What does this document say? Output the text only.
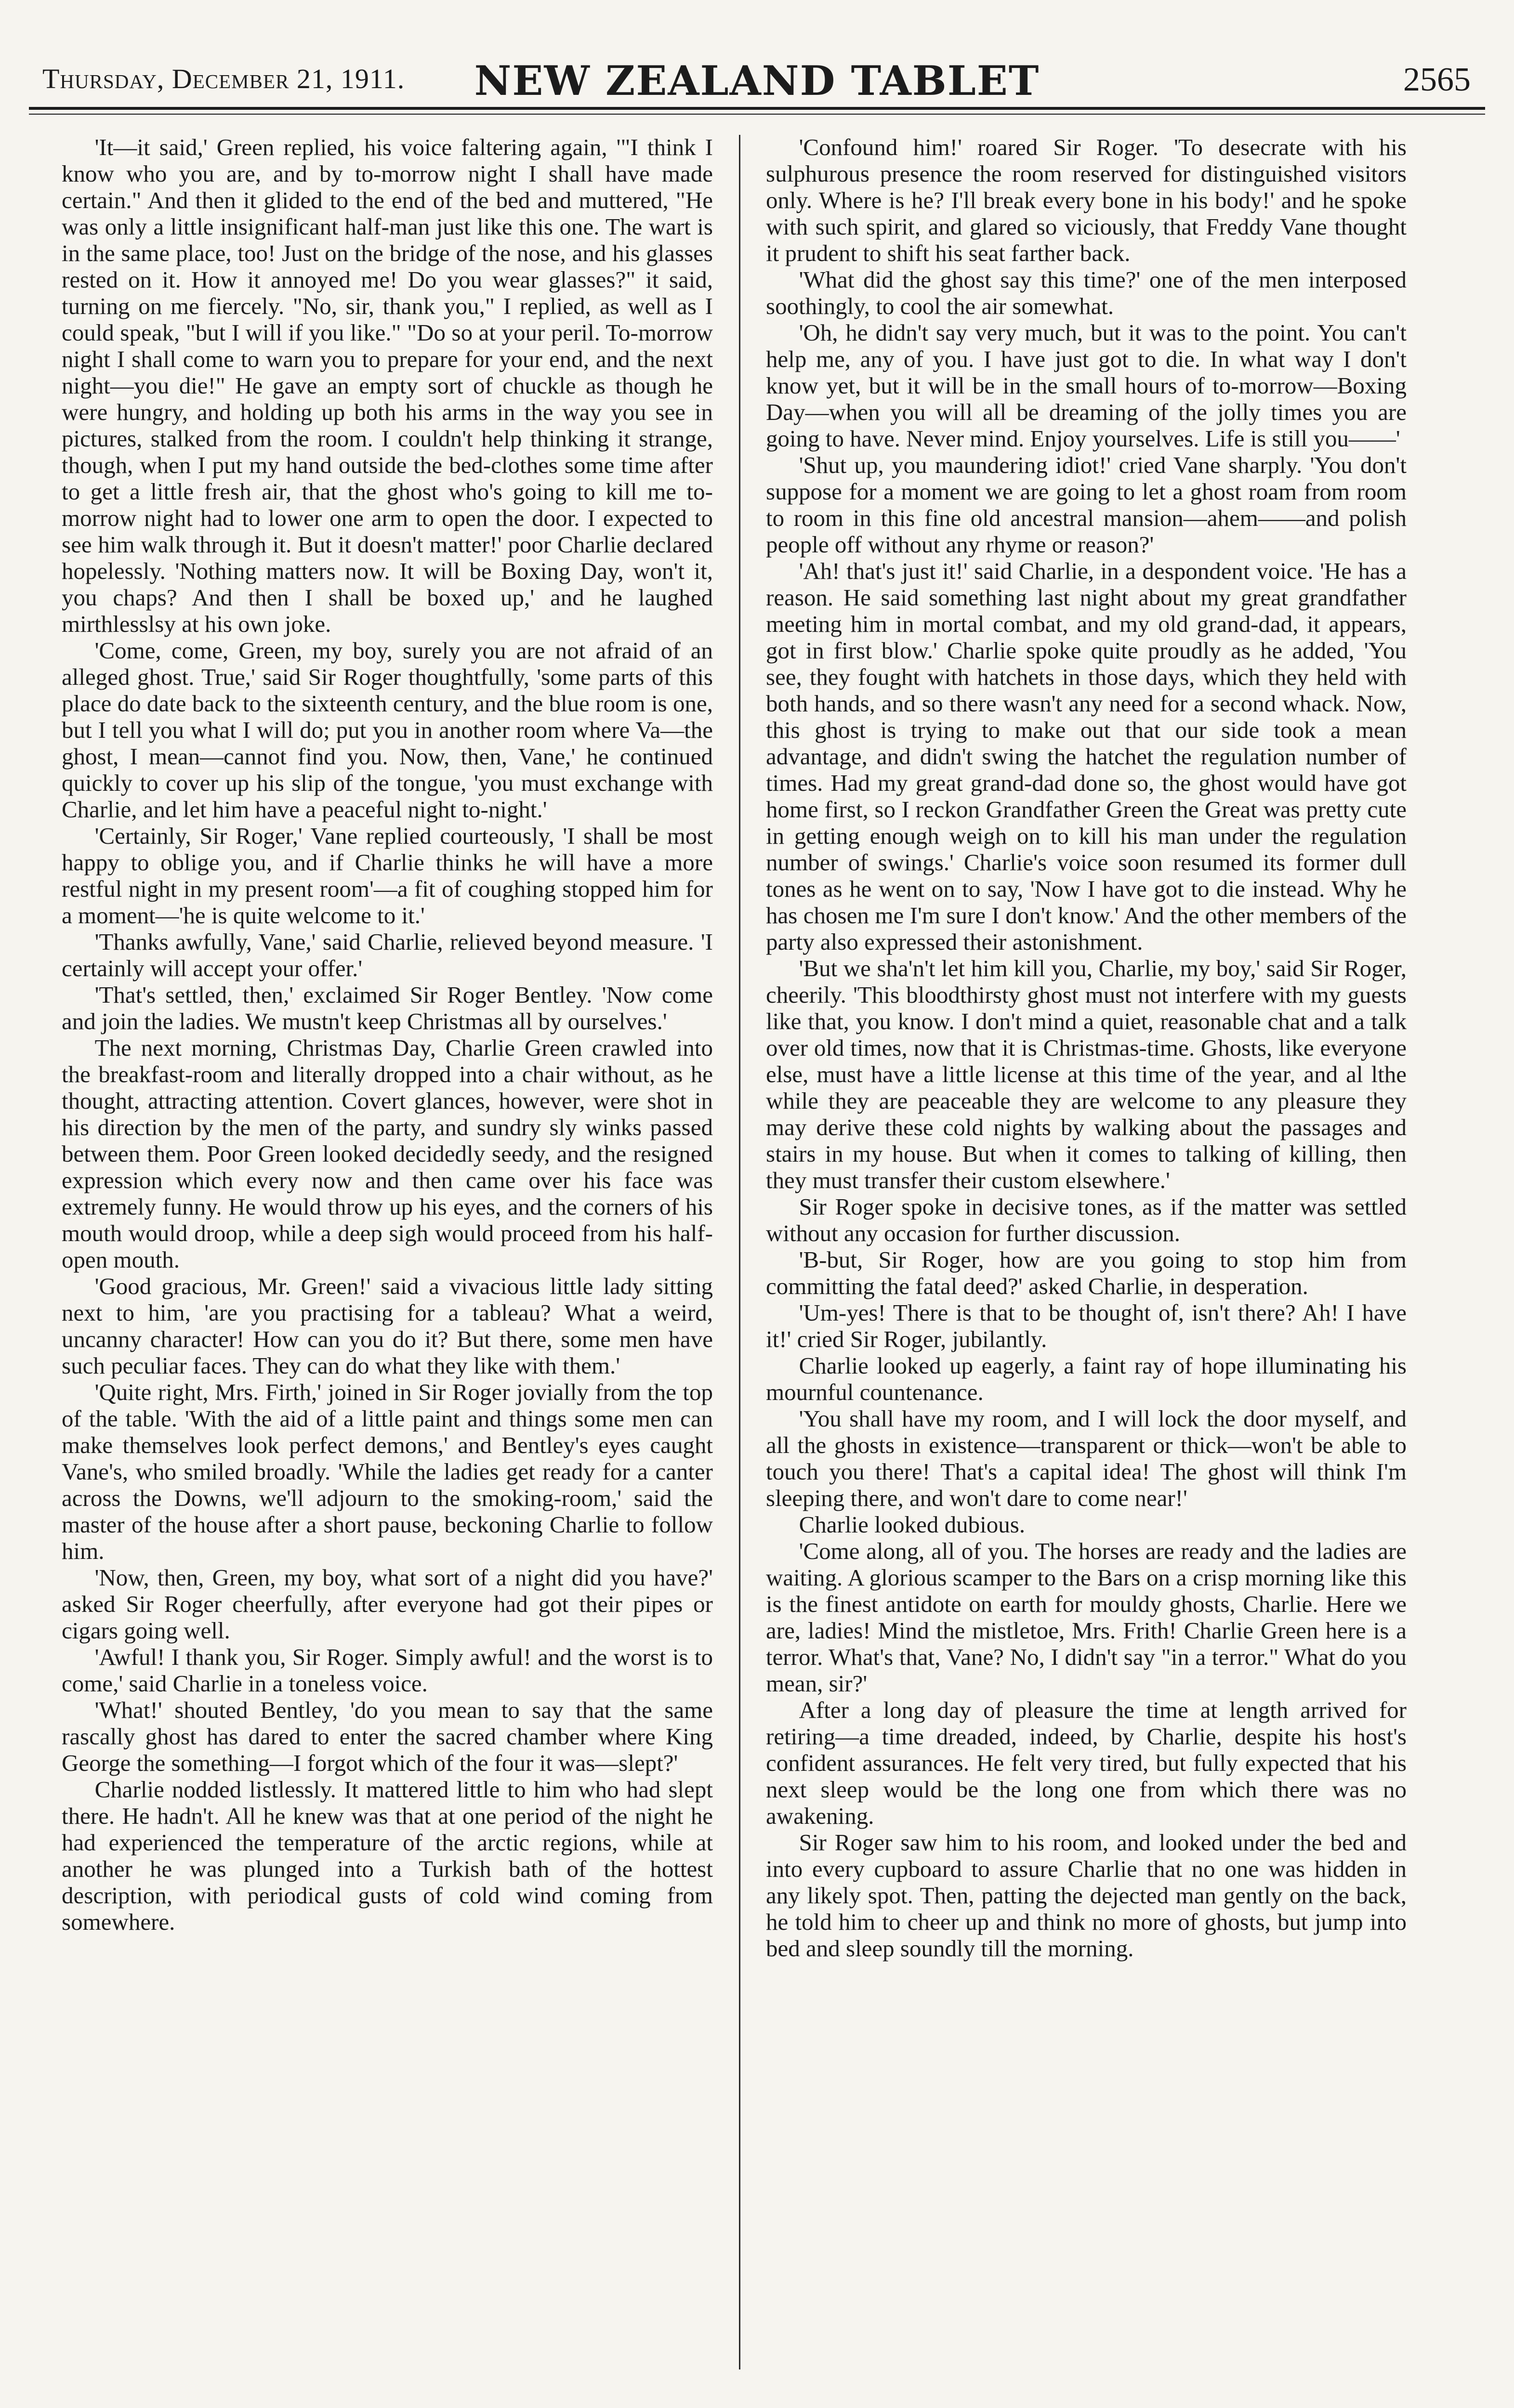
Thursday, December 21, 1911.	NEW ZEALAND TABLET	2565

'It—it said,' Green replied, his voice faltering again, '"I think I know who you are, and by to-morrow night I shall have made certain." And then it glided to the end of the bed and muttered, "He was only a little insignificant half-man just like this one. The wart is in the same place, too! Just on the bridge of the nose, and his glasses rested on it. How it annoyed me! Do you wear glasses?" it said, turning on me fiercely. "No, sir, thank you," I replied, as well as I could speak, "but I will if you like." "Do so at your peril. To-morrow night I shall come to warn you to prepare for your end, and the next night—you die!" He gave an empty sort of chuckle as though he were hungry, and holding up both his arms in the way you see in pictures, stalked from the room. I couldn't help thinking it strange, though, when I put my hand outside the bed-clothes some time after to get a little fresh air, that the ghost who's going to kill me to-morrow night had to lower one arm to open the door. I expected to see him walk through it. But it doesn't matter!' poor Charlie declared hopelessly. 'Nothing matters now. It will be Boxing Day, won't it, you chaps? And then I shall be boxed up,' and he laughed mirthlesslsy at his own joke.

'Come, come, Green, my boy, surely you are not afraid of an alleged ghost. True,' said Sir Roger thoughtfully, 'some parts of this place do date back to the sixteenth century, and the blue room is one, but I tell you what I will do; put you in another room where Va—the ghost, I mean—cannot find you. Now, then, Vane,' he continued quickly to cover up his slip of the tongue, 'you must exchange with Charlie, and let him have a peaceful night to-night.'

'Certainly, Sir Roger,' Vane replied courteously, 'I shall be most happy to oblige you, and if Charlie thinks he will have a more restful night in my present room'—a fit of coughing stopped him for a moment—'he is quite welcome to it.'

'Thanks awfully, Vane,' said Charlie, relieved beyond measure. 'I certainly will accept your offer.'

'That's settled, then,' exclaimed Sir Roger Bentley. 'Now come and join the ladies. We mustn't keep Christmas all by ourselves.'

The next morning, Christmas Day, Charlie Green crawled into the breakfast-room and literally dropped into a chair without, as he thought, attracting attention. Covert glances, however, were shot in his direction by the men of the party, and sundry sly winks passed between them. Poor Green looked decidedly seedy, and the resigned expression which every now and then came over his face was extremely funny. He would throw up his eyes, and the corners of his mouth would droop, while a deep sigh would proceed from his half-open mouth.

'Good gracious, Mr. Green!' said a vivacious little lady sitting next to him, 'are you practising for a tableau? What a weird, uncanny character! How can you do it? But there, some men have such peculiar faces. They can do what they like with them.'

'Quite right, Mrs. Firth,' joined in Sir Roger jovially from the top of the table. 'With the aid of a little paint and things some men can make themselves look perfect demons,' and Bentley's eyes caught Vane's, who smiled broadly. 'While the ladies get ready for a canter across the Downs, we'll adjourn to the smoking-room,' said the master of the house after a short pause, beckoning Charlie to follow him.

'Now, then, Green, my boy, what sort of a night did you have?' asked Sir Roger cheerfully, after everyone had got their pipes or cigars going well.

'Awful! I thank you, Sir Roger. Simply awful! and the worst is to come,' said Charlie in a toneless voice.

'What!' shouted Bentley, 'do you mean to say that the same rascally ghost has dared to enter the sacred chamber where King George the something—I forgot which of the four it was—slept?'

Charlie nodded listlessly. It mattered little to him who had slept there. He hadn't. All he knew was that at one period of the night he had experienced the temperature of the arctic regions, while at another he was plunged into a Turkish bath of the hottest description, with periodical gusts of cold wind coming from somewhere.

'Confound him!' roared Sir Roger. 'To desecrate with his sulphurous presence the room reserved for distinguished visitors only. Where is he? I'll break every bone in his body!' and he spoke with such spirit, and glared so viciously, that Freddy Vane thought it prudent to shift his seat farther back.

'What did the ghost say this time?' one of the men interposed soothingly, to cool the air somewhat.

'Oh, he didn't say very much, but it was to the point. You can't help me, any of you. I have just got to die. In what way I don't know yet, but it will be in the small hours of to-morrow—Boxing Day—when you will all be dreaming of the jolly times you are going to have. Never mind. Enjoy yourselves. Life is still you——'

'Shut up, you maundering idiot!' cried Vane sharply. 'You don't suppose for a moment we are going to let a ghost roam from room to room in this fine old ancestral mansion—ahem——and polish people off without any rhyme or reason?'

'Ah! that's just it!' said Charlie, in a despondent voice. 'He has a reason. He said something last night about my great grandfather meeting him in mortal combat, and my old grand-dad, it appears, got in first blow.' Charlie spoke quite proudly as he added, 'You see, they fought with hatchets in those days, which they held with both hands, and so there wasn't any need for a second whack. Now, this ghost is trying to make out that our side took a mean advantage, and didn't swing the hatchet the regulation number of times. Had my great grand-dad done so, the ghost would have got home first, so I reckon Grandfather Green the Great was pretty cute in getting enough weigh on to kill his man under the regulation number of swings.' Charlie's voice soon resumed its former dull tones as he went on to say, 'Now I have got to die instead. Why he has chosen me I'm sure I don't know.' And the other members of the party also expressed their astonishment.

'But we sha'n't let him kill you, Charlie, my boy,' said Sir Roger, cheerily. 'This bloodthirsty ghost must not interfere with my guests like that, you know. I don't mind a quiet, reasonable chat and a talk over old times, now that it is Christmas-time. Ghosts, like everyone else, must have a little license at this time of the year, and al lthe while they are peaceable they are welcome to any pleasure they may derive these cold nights by walking about the passages and stairs in my house. But when it comes to talking of killing, then they must transfer their custom elsewhere.'

Sir Roger spoke in decisive tones, as if the matter was settled without any occasion for further discussion.

'B-but, Sir Roger, how are you going to stop him from committing the fatal deed?' asked Charlie, in desperation.

'Um-yes! There is that to be thought of, isn't there? Ah! I have it!' cried Sir Roger, jubilantly.

Charlie looked up eagerly, a faint ray of hope illuminating his mournful countenance.

'You shall have my room, and I will lock the door myself, and all the ghosts in existence—transparent or thick—won't be able to touch you there! That's a capital idea! The ghost will think I'm sleeping there, and won't dare to come near!'

Charlie looked dubious.

'Come along, all of you. The horses are ready and the ladies are waiting. A glorious scamper to the Bars on a crisp morning like this is the finest antidote on earth for mouldy ghosts, Charlie. Here we are, ladies! Mind the mistletoe, Mrs. Frith! Charlie Green here is a terror. What's that, Vane? No, I didn't say "in a terror." What do you mean, sir?'

After a long day of pleasure the time at length arrived for retiring—a time dreaded, indeed, by Charlie, despite his host's confident assurances. He felt very tired, but fully expected that his next sleep would be the long one from which there was no awakening.

Sir Roger saw him to his room, and looked under the bed and into every cupboard to assure Charlie that no one was hidden in any likely spot. Then, patting the dejected man gently on the back, he told him to cheer up and think no more of ghosts, but jump into bed and sleep soundly till the morning.
